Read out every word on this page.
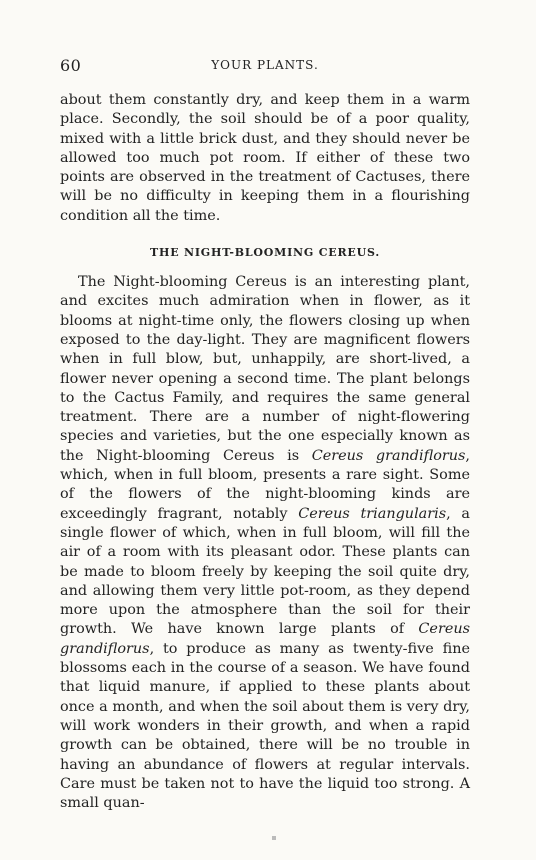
60	YOUR PLANTS.

about them constantly dry, and keep them in a warm place. Secondly, the soil should be of a poor quality, mixed with a little brick dust, and they should never be allowed too much pot room. If either of these two points are observed in the treatment of Cactuses, there will be no difficulty in keeping them in a flourishing condition all the time.

THE NIGHT-BLOOMING CEREUS.

The Night-blooming Cereus is an interesting plant, and excites much admiration when in flower, as it blooms at night-time only, the flowers closing up when exposed to the day-light. They are magnificent flowers when in full blow, but, unhappily, are short-lived, a flower never opening a second time. The plant belongs to the Cactus Family, and requires the same general treatment. There are a number of night-flowering species and varieties, but the one especially known as the Night-blooming Cereus is Cereus grandiflorus, which, when in full bloom, presents a rare sight. Some of the flowers of the night-blooming kinds are exceedingly fragrant, notably Cereus triangularis, a single flower of which, when in full bloom, will fill the air of a room with its pleasant odor. These plants can be made to bloom freely by keeping the soil quite dry, and allowing them very little pot-room, as they depend more upon the atmosphere than the soil for their growth. We have known large plants of Cereus grandiflorus, to produce as many as twenty-five fine blossoms each in the course of a season. We have found that liquid manure, if applied to these plants about once a month, and when the soil about them is very dry, will work wonders in their growth, and when a rapid growth can be obtained, there will be no trouble in having an abundance of flowers at regular intervals. Care must be taken not to have the liquid too strong. A small quan-
